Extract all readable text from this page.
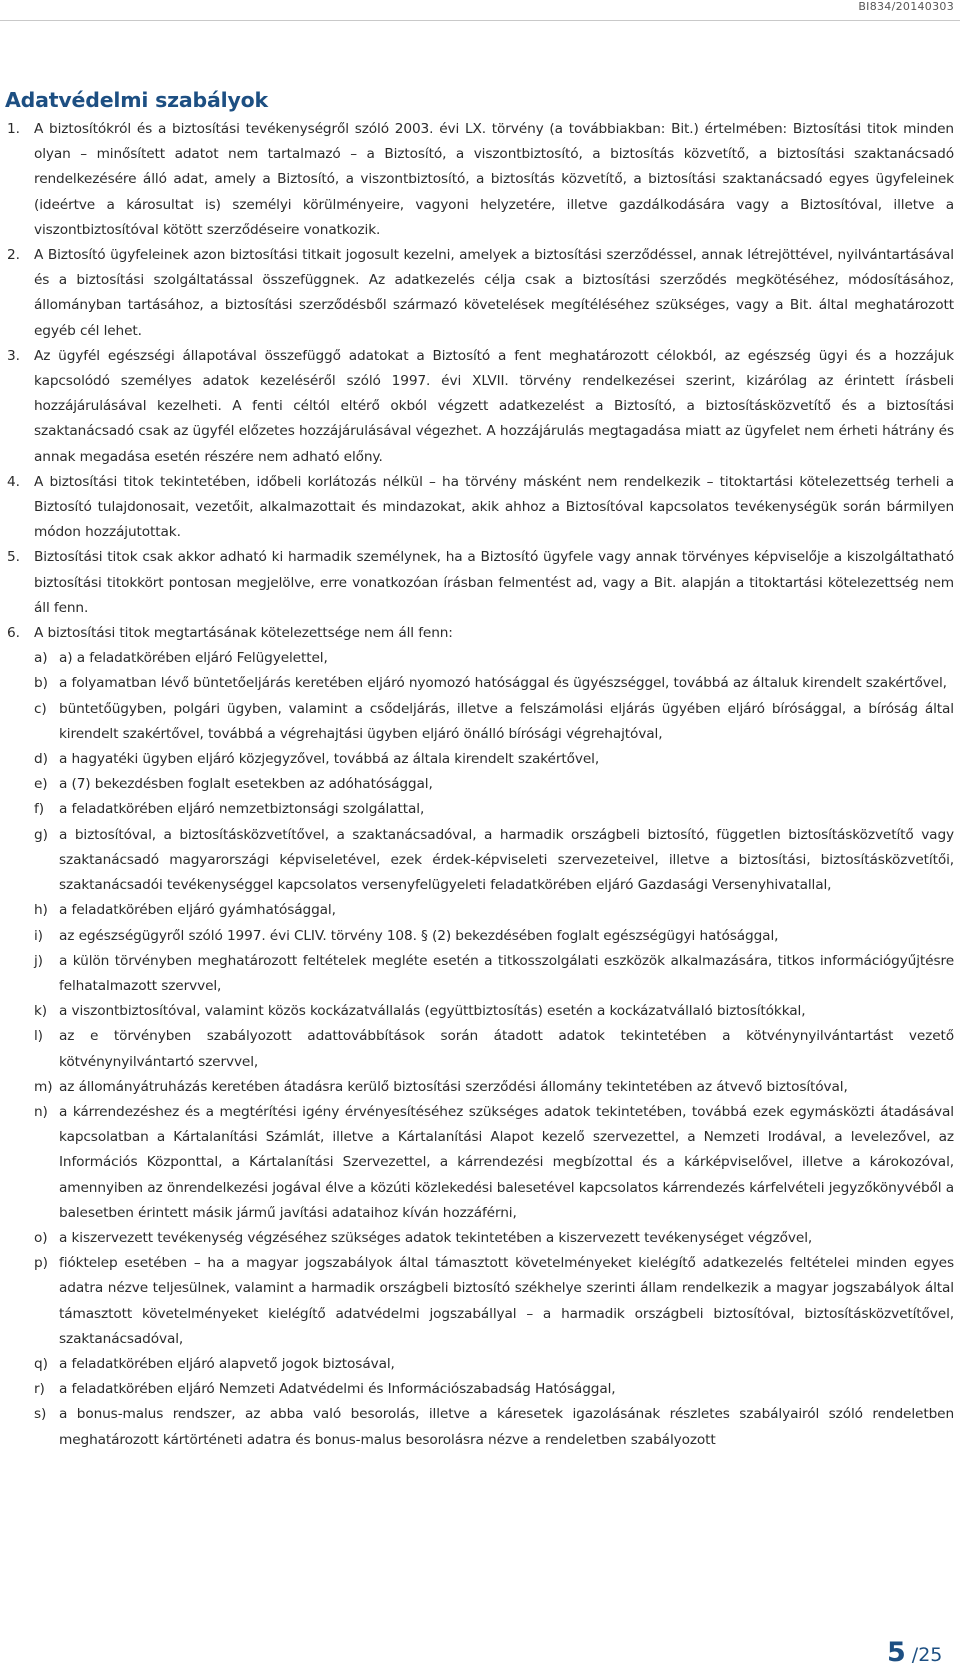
BI834/20140303
Adatvédelmi szabályok

1. A biztosítókról és a biztosítási tevékenységről szóló 2003. évi LX. törvény (a továbbiakban: Bit.) értelmében: Biztosítási titok minden olyan – minősített adatot nem tartalmazó – a Biztosító, a viszontbiztosító, a biztosítás közvetítő, a biztosítási szaktanácsadó rendelkezésére álló adat, amely a Biztosító, a viszontbiztosító, a biztosítás közvetítő, a biztosítási szaktanácsadó egyes ügyfeleinek (ideértve a károsultat is) személyi körülményeire, vagyoni helyzetére, illetve gazdálkodására vagy a Biztosítóval, illetve a viszontbiztosítóval kötött szerződéseire vonatkozik.

2. A Biztosító ügyfeleinek azon biztosítási titkait jogosult kezelni, amelyek a biztosítási szerződéssel, annak létrejöttével, nyilvántartásával és a biztosítási szolgáltatással összefüggnek. Az adatkezelés célja csak a biztosítási szerződés megkötéséhez, módosításához, állományban tartásához, a biztosítási szerződésből származó követelések megítéléséhez szükséges, vagy a Bit. által meghatározott egyéb cél lehet.

3. Az ügyfél egészségi állapotával összefüggő adatokat a Biztosító a fent meghatározott célokból, az egészség ügyi és a hozzájuk kapcsolódó személyes adatok kezeléséről szóló 1997. évi XLVII. törvény rendelkezései szerint, kizárólag az érintett írásbeli hozzájárulásával kezelheti. A fenti céltól eltérő okból végzett adatkezelést a Biztosító, a biztosításközvetítő és a biztosítási szaktanácsadó csak az ügyfél előzetes hozzájárulásával végezhet. A hozzájárulás megtagadása miatt az ügyfelet nem érheti hátrány és annak megadása esetén részére nem adható előny.

4. A biztosítási titok tekintetében, időbeli korlátozás nélkül – ha törvény másként nem rendelkezik – titoktartási kötelezettség terheli a Biztosító tulajdonosait, vezetőit, alkalmazottait és mindazokat, akik ahhoz a Biztosítóval kapcsolatos tevékenységük során bármilyen módon hozzájutottak.

5. Biztosítási titok csak akkor adható ki harmadik személynek, ha a Biztosító ügyfele vagy annak törvényes képviselője a kiszolgáltatható biztosítási titokkört pontosan megjelölve, erre vonatkozóan írásban felmentést ad, vagy a Bit. alapján a titoktartási kötelezettség nem áll fenn.

6. A biztosítási titok megtartásának kötelezettsége nem áll fenn:

a) a) a feladatkörében eljáró Felügyelettel,

b) a folyamatban lévő büntetőeljárás keretében eljáró nyomozó hatósággal és ügyészséggel, továbbá az általuk kirendelt szakértővel,

c) büntetőügyben, polgári ügyben, valamint a csődeljárás, illetve a felszámolási eljárás ügyében eljáró bírósággal, a bíróság által kirendelt szakértővel, továbbá a végrehajtási ügyben eljáró önálló bírósági végrehajtóval,

d) a hagyatéki ügyben eljáró közjegyzővel, továbbá az általa kirendelt szakértővel,

e) a (7) bekezdésben foglalt esetekben az adóhatósággal,

f) a feladatkörében eljáró nemzetbiztonsági szolgálattal,

g) a biztosítóval, a biztosításközvetítővel, a szaktanácsadóval, a harmadik országbeli biztosító, független biztosításközvetítő vagy szaktanácsadó magyarországi képviseletével, ezek érdek-képviseleti szervezeteivel, illetve a biztosítási, biztosításközvetítői, szaktanácsadói tevékenységgel kapcsolatos versenyfelügyeleti feladatkörében eljáró Gazdasági Versenyhivatallal,

h) a feladatkörében eljáró gyámhatósággal,

i) az egészségügyről szóló 1997. évi CLIV. törvény 108. § (2) bekezdésében foglalt egészségügyi hatósággal,

j) a külön törvényben meghatározott feltételek megléte esetén a titkosszolgálati eszközök alkalmazására, titkos információgyűjtésre felhatalmazott szervvel,

k) a viszontbiztosítóval, valamint közös kockázatvállalás (együttbiztosítás) esetén a kockázatvállaló biztosítókkal,

l) az e törvényben szabályozott adattovábbítások során átadott adatok tekintetében a kötvénynyilvántartást vezető kötvénynyilvántartó szervvel,

m) az állományátruházás keretében átadásra kerülő biztosítási szerződési állomány tekintetében az átvevő biztosítóval,

n) a kárrendezéshez és a megtérítési igény érvényesítéséhez szükséges adatok tekintetében, továbbá ezek egymásközti átadásával kapcsolatban a Kártalanítási Számlát, illetve a Kártalanítási Alapot kezelő szervezettel, a Nemzeti Irodával, a levelezővel, az Információs Központtal, a Kártalanítási Szervezettel, a kárrendezési megbízottal és a kárképviselővel, illetve a károkozóval, amennyiben az önrendelkezési jogával élve a közúti közlekedési balesetével kapcsolatos kárrendezés kárfelvételi jegyzőkönyvéből a balesetben érintett másik jármű javítási adataihoz kíván hozzáférni,

o) a kiszervezett tevékenység végzéséhez szükséges adatok tekintetében a kiszervezett tevékenységet végzővel,

p) fióktelep esetében – ha a magyar jogszabályok által támasztott követelményeket kielégítő adatkezelés feltételei minden egyes adatra nézve teljesülnek, valamint a harmadik országbeli biztosító székhelye szerinti állam rendelkezik a magyar jogszabályok által támasztott követelményeket kielégítő adatvédelmi jogszabállyal – a harmadik országbeli biztosítóval, biztosításközvetítővel, szaktanácsadóval,

q) a feladatkörében eljáró alapvető jogok biztosával,

r) a feladatkörében eljáró Nemzeti Adatvédelmi és Információszabadság Hatósággal,

s) a bonus-malus rendszer, az abba való besorolás, illetve a káresetek igazolásának részletes szabályairól szóló rendeletben meghatározott kártörténeti adatra és bonus-malus besorolásra nézve a rendeletben szabályozott

5 /25
